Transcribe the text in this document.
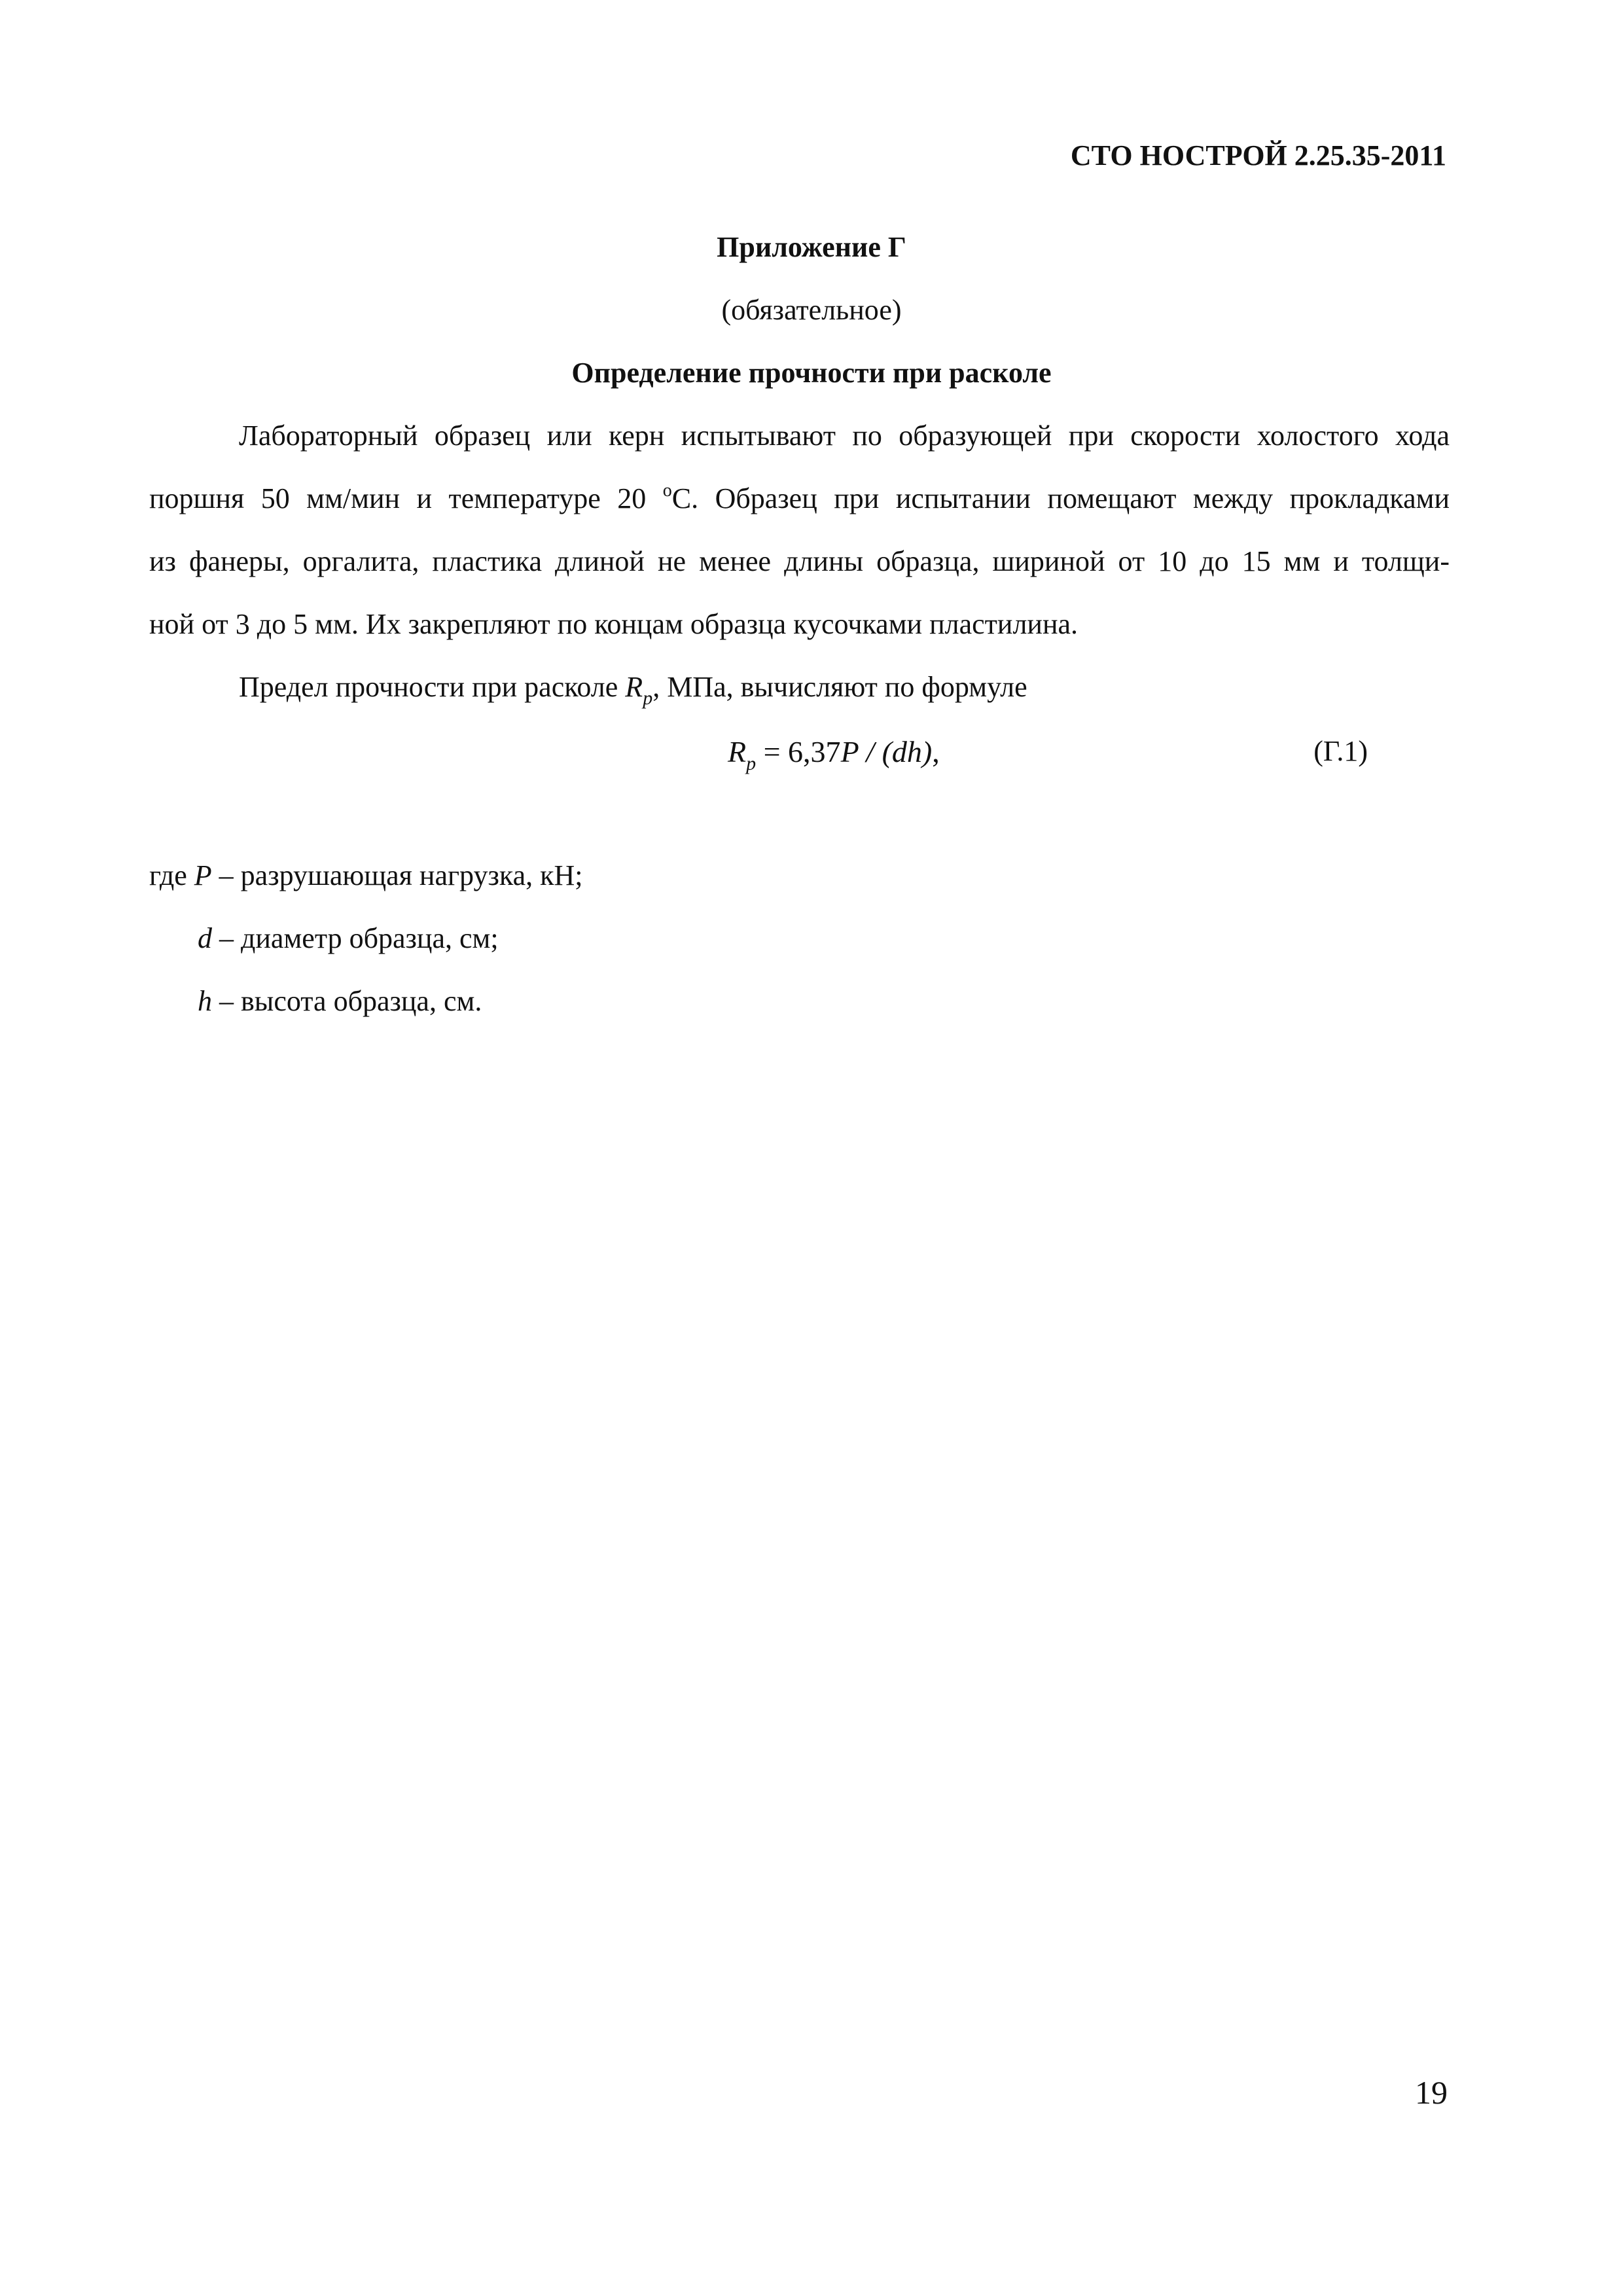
СТО НОСТРОЙ 2.25.35-2011
Приложение Г
(обязательное)
Определение прочности при расколе
Лабораторный образец или керн испытывают по образующей при скорости холостого хода
поршня 50 мм/мин и температуре 20 $^o$С. Образец при испытании помещают между прокладками
из фанеры, оргалита, пластика длиной не менее длины образца, шириной от 10 до 15 мм и толщи-
ной от 3 до 5 мм. Их закрепляют по концам образца кусочками пластилина.
Предел прочности при расколе $R_p$, МПа, вычисляют по формуле
$R_p = 6,37P / (dh)$,	(Г.1)
где P – разрушающая нагрузка, кН;
d – диаметр образца, см;
h – высота образца, см.
19
